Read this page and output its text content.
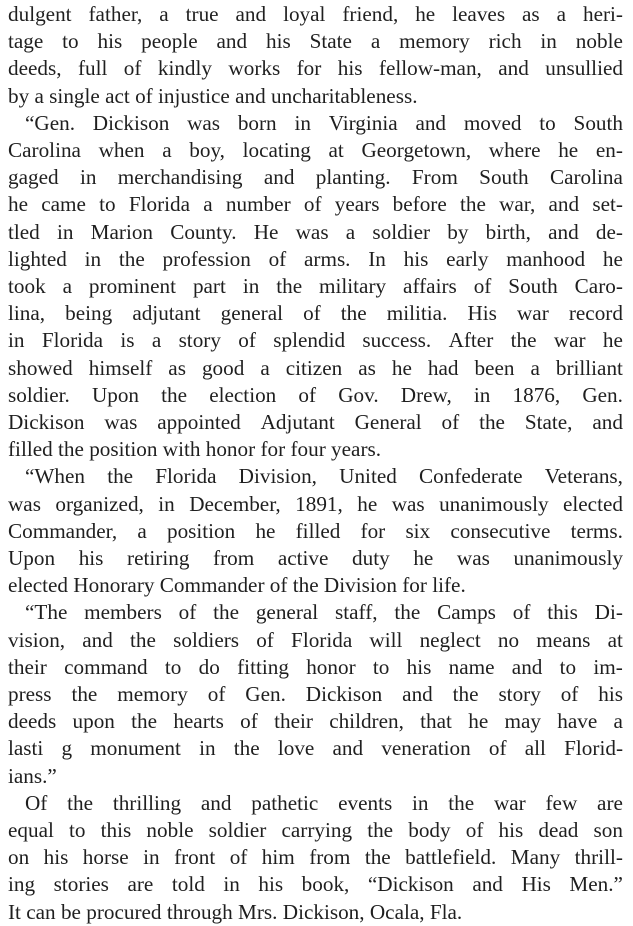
dulgent father, a true and loyal friend, he leaves as a heri-
tage to his people and his State a memory rich in noble
deeds, full of kindly works for his fellow-man, and unsullied
by a single act of injustice and uncharitableness.
“Gen. Dickison was born in Virginia and moved to South
Carolina when a boy, locating at Georgetown, where he en-
gaged in merchandising and planting. From South Carolina
he came to Florida a number of years before the war, and set-
tled in Marion County. He was a soldier by birth, and de-
lighted in the profession of arms. In his early manhood he
took a prominent part in the military affairs of South Caro-
lina, being adjutant general of the militia. His war record
in Florida is a story of splendid success. After the war he
showed himself as good a citizen as he had been a brilliant
soldier. Upon the election of Gov. Drew, in 1876, Gen.
Dickison was appointed Adjutant General of the State, and
filled the position with honor for four years.
“When the Florida Division, United Confederate Veterans,
was organized, in December, 1891, he was unanimously elected
Commander, a position he filled for six consecutive terms.
Upon his retiring from active duty he was unanimously
elected Honorary Commander of the Division for life.
“The members of the general staff, the Camps of this Di-
vision, and the soldiers of Florida will neglect no means at
their command to do fitting honor to his name and to im-
press the memory of Gen. Dickison and the story of his
deeds upon the hearts of their children, that he may have a
lasti g monument in the love and veneration of all Florid-
ians.”
Of the thrilling and pathetic events in the war few are
equal to this noble soldier carrying the body of his dead son
on his horse in front of him from the battlefield. Many thrill-
ing stories are told in his book, “Dickison and His Men.”
It can be procured through Mrs. Dickison, Ocala, Fla.
